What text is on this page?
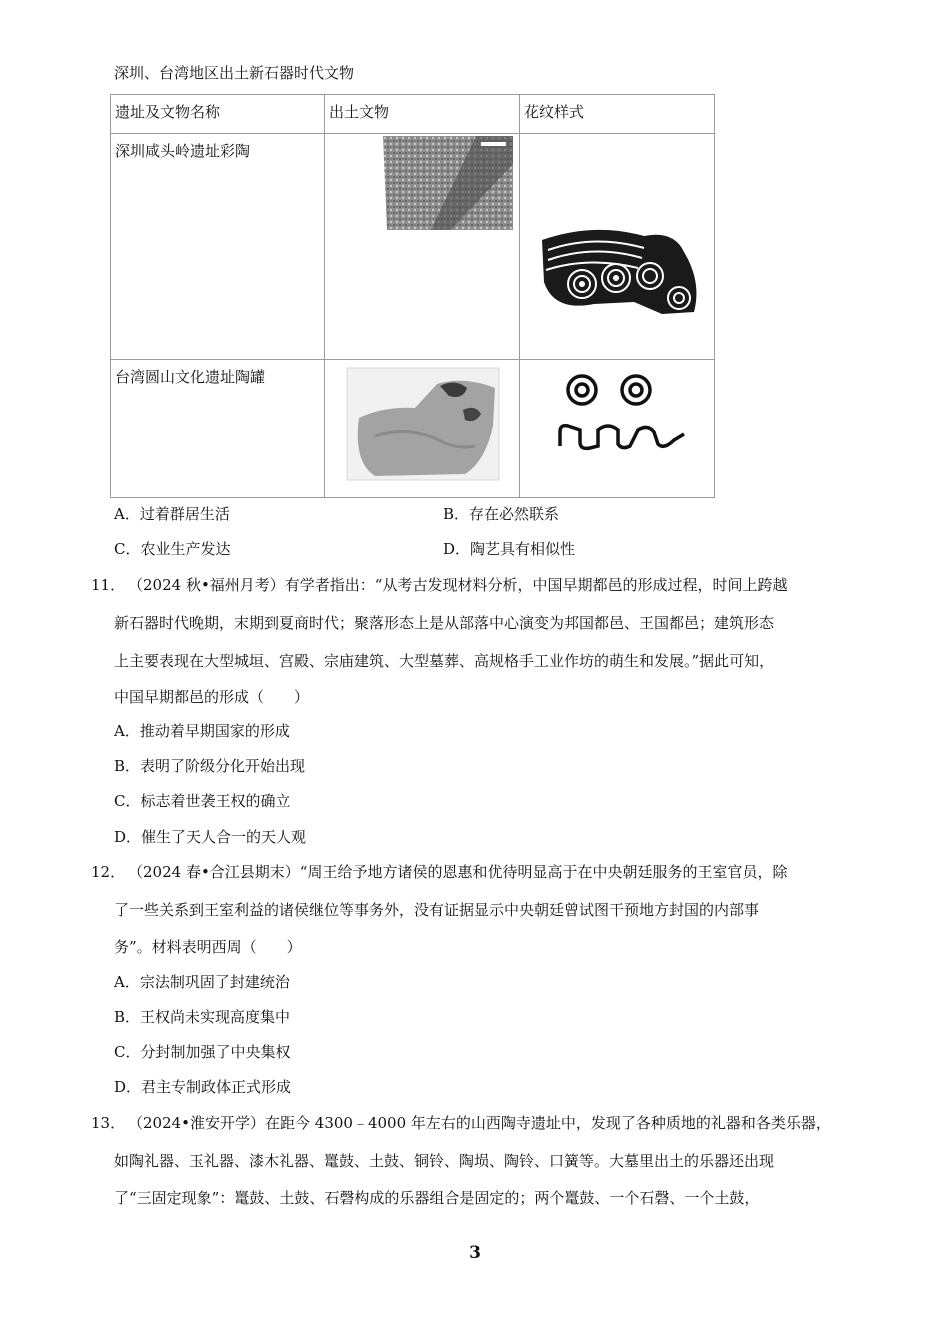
深圳、台湾地区出土新石器时代文物
遗址及文物名称	出土文物	花纹样式
深圳咸头岭遗址彩陶	

台湾圆山文化遗址陶罐	

A．过着群居生活	B．存在必然联系
C．农业生产发达	D．陶艺具有相似性
11． （2024 秋•福州月考）有学者指出：“从考古发现材料分析，中国早期都邑的形成过程，时间上跨越
新石器时代晚期，末期到夏商时代；聚落形态上是从部落中心演变为邦国都邑、王国都邑；建筑形态
上主要表现在大型城垣、宫殿、宗庙建筑、大型墓葬、高规格手工业作坊的萌生和发展。”据此可知，
中国早期都邑的形成（　　）
A．推动着早期国家的形成
B．表明了阶级分化开始出现
C．标志着世袭王权的确立
D．催生了天人合一的天人观
12． （2024 春•合江县期末）“周王给予地方诸侯的恩惠和优待明显高于在中央朝廷服务的王室官员，除
了一些关系到王室利益的诸侯继位等事务外，没有证据显示中央朝廷曾试图干预地方封国的内部事
务”。材料表明西周（　　）
A．宗法制巩固了封建统治
B．王权尚未实现高度集中
C．分封制加强了中央集权
D．君主专制政体正式形成
13． （2024•淮安开学）在距今 4300﹣4000 年左右的山西陶寺遗址中，发现了各种质地的礼器和各类乐器，
如陶礼器、玉礼器、漆木礼器、鼍鼓、土鼓、铜铃、陶埙、陶铃、口簧等。大墓里出土的乐器还出现
了“三固定现象”：鼍鼓、土鼓、石磬构成的乐器组合是固定的；两个鼍鼓、一个石磬、一个土鼓，
3
